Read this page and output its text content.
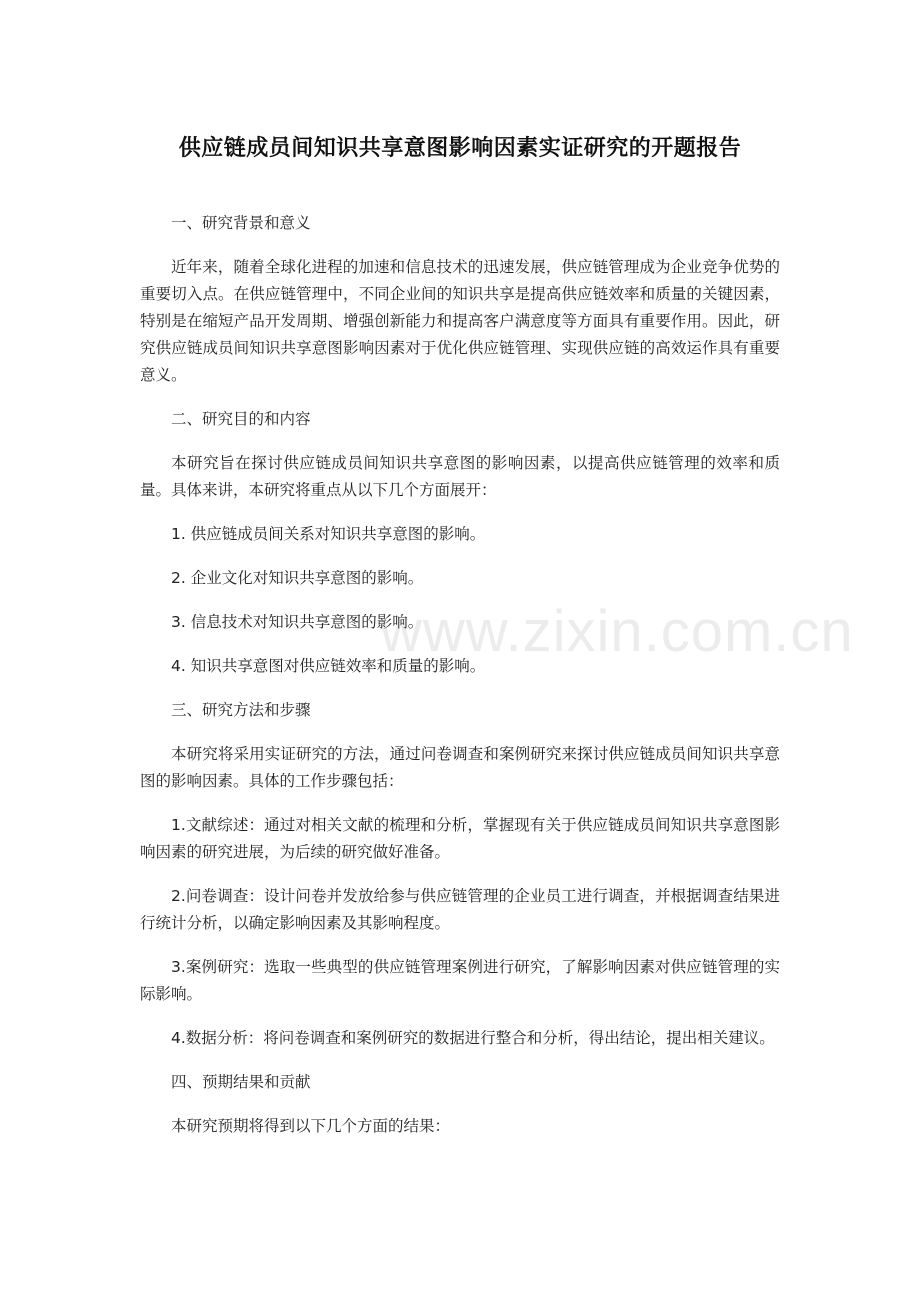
供应链成员间知识共享意图影响因素实证研究的开题报告

一、研究背景和意义

近年来，随着全球化进程的加速和信息技术的迅速发展，供应链管理成为企业竞争优势的重要切入点。在供应链管理中，不同企业间的知识共享是提高供应链效率和质量的关键因素，特别是在缩短产品开发周期、增强创新能力和提高客户满意度等方面具有重要作用。因此，研究供应链成员间知识共享意图影响因素对于优化供应链管理、实现供应链的高效运作具有重要意义。

二、研究目的和内容

本研究旨在探讨供应链成员间知识共享意图的影响因素，以提高供应链管理的效率和质量。具体来讲，本研究将重点从以下几个方面展开：

1. 供应链成员间关系对知识共享意图的影响。

2. 企业文化对知识共享意图的影响。

3. 信息技术对知识共享意图的影响。

4. 知识共享意图对供应链效率和质量的影响。

三、研究方法和步骤

本研究将采用实证研究的方法，通过问卷调查和案例研究来探讨供应链成员间知识共享意图的影响因素。具体的工作步骤包括：

1.文献综述：通过对相关文献的梳理和分析，掌握现有关于供应链成员间知识共享意图影响因素的研究进展，为后续的研究做好准备。

2.问卷调查：设计问卷并发放给参与供应链管理的企业员工进行调查，并根据调查结果进行统计分析，以确定影响因素及其影响程度。

3.案例研究：选取一些典型的供应链管理案例进行研究，了解影响因素对供应链管理的实际影响。

4.数据分析：将问卷调查和案例研究的数据进行整合和分析，得出结论，提出相关建议。

四、预期结果和贡献

本研究预期将得到以下几个方面的结果：

www.zixin.com.cn
